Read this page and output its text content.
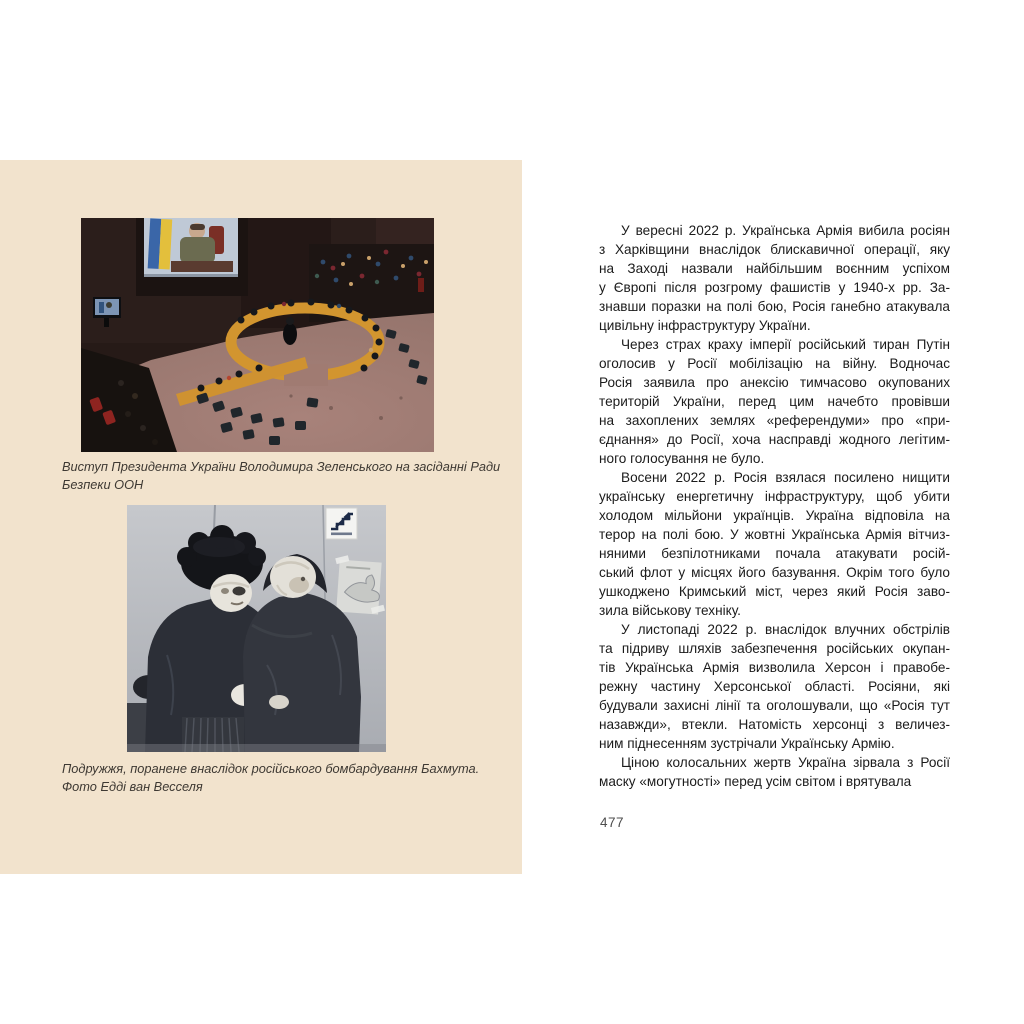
Виступ Президента України Володимира Зеленського на засіданні Ради
Безпеки ООН
Подружжя, поранене внаслідок російського бомбардування Бахмута.
Фото Едді ван Весселя
У вересні 2022 р. Українська Армія вибила росіян
з Харківщини внаслідок блискавичної операції, яку
на Заході назвали найбільшим воєнним успіхом
у Європі після розгрому фашистів у 1940-х рр. За-
знавши поразки на полі бою, Росія ганебно атакувала
цивільну інфраструктуру України.
Через страх краху імперії російський тиран Путін
оголосив у Росії мобілізацію на війну. Водночас
Росія заявила про анексію тимчасово окупованих
територій України, перед цим начебто провівши
на захоплених землях «референдуми» про «при-
єднання» до Росії, хоча насправді жодного легітим-
ного голосування не було.
Восени 2022 р. Росія взялася посилено нищити
українську енергетичну інфраструктуру, щоб убити
холодом мільйони українців. Україна відповіла на
терор на полі бою. У жовтні Українська Армія вітчиз-
няними безпілотниками почала атакувати росій-
ський флот у місцях його базування. Окрім того було
ушкоджено Кримський міст, через який Росія заво-
зила військову техніку.
У листопаді 2022 р. внаслідок влучних обстрілів
та підриву шляхів забезпечення російських окупан-
тів Українська Армія визволила Херсон і правобе-
режну частину Херсонської області. Росіяни, які
будували захисні лінії та оголошували, що «Росія тут
назавжди», втекли. Натомість херсонці з величез-
ним піднесенням зустрічали Українську Армію.
Ціною колосальних жертв Україна зірвала з Росії
маску «могутності» перед усім світом і врятувала
477
